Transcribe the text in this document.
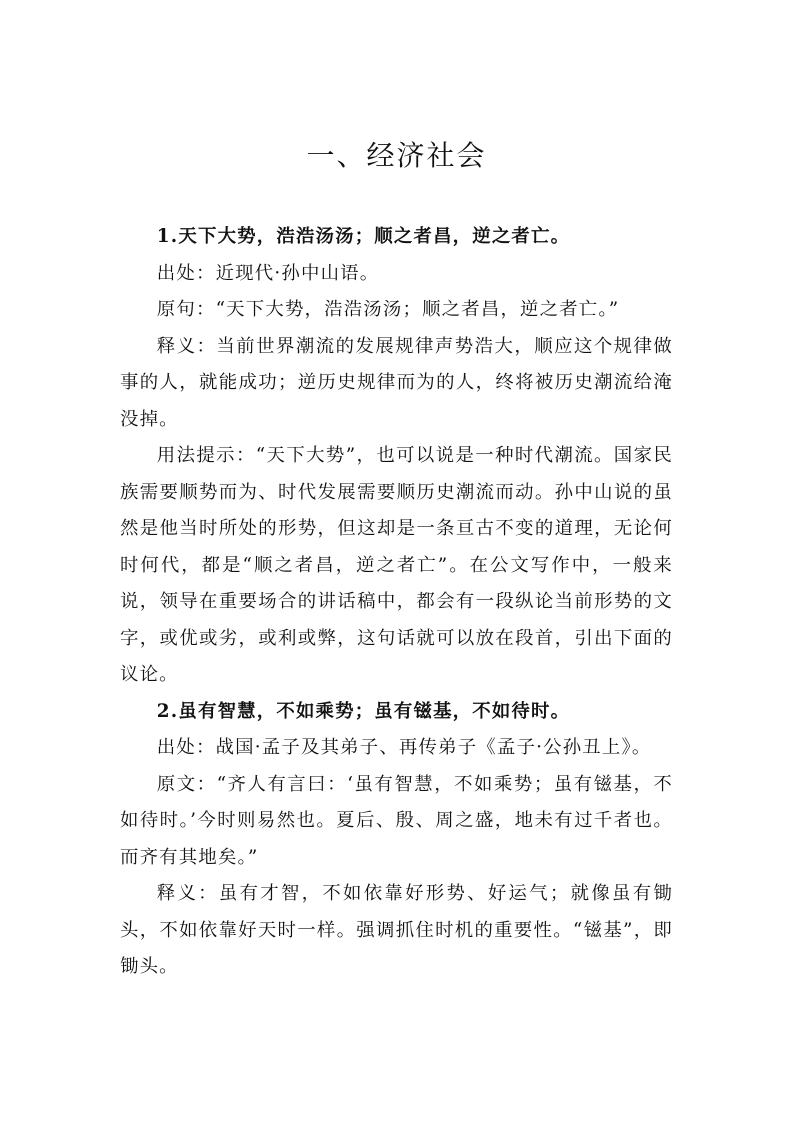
一、经济社会

1.天下大势，浩浩汤汤；顺之者昌，逆之者亡。

出处：近现代·孙中山语。

原句：“天下大势，浩浩汤汤；顺之者昌，逆之者亡。”

释义：当前世界潮流的发展规律声势浩大，顺应这个规律做事的人，就能成功；逆历史规律而为的人，终将被历史潮流给淹没掉。

用法提示：“天下大势”，也可以说是一种时代潮流。国家民族需要顺势而为、时代发展需要顺历史潮流而动。孙中山说的虽然是他当时所处的形势，但这却是一条亘古不变的道理，无论何时何代，都是“顺之者昌，逆之者亡”。在公文写作中，一般来说，领导在重要场合的讲话稿中，都会有一段纵论当前形势的文字，或优或劣，或利或弊，这句话就可以放在段首，引出下面的议论。

2.虽有智慧，不如乘势；虽有镃基，不如待时。

出处：战国·孟子及其弟子、再传弟子《孟子·公孙丑上》。

原文：“齐人有言曰：‘虽有智慧，不如乘势；虽有镃基，不如待时。’今时则易然也。夏后、殷、周之盛，地未有过千者也。而齐有其地矣。”

释义：虽有才智，不如依靠好形势、好运气；就像虽有锄头，不如依靠好天时一样。强调抓住时机的重要性。“镃基”，即锄头。
